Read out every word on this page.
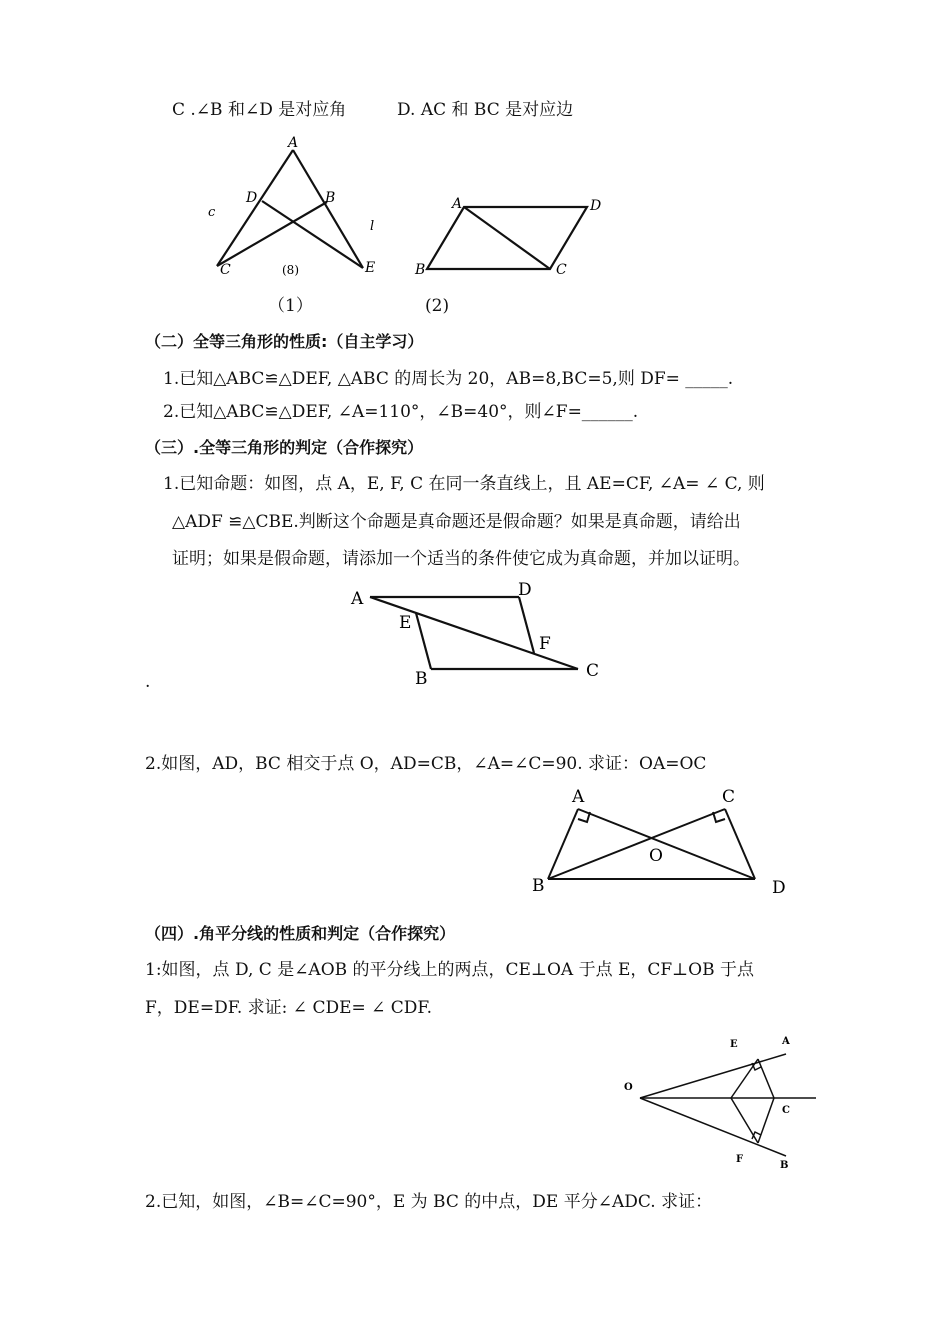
C .∠B 和∠D 是对应角	D. AC 和 BC 是对应边
A
D	B
C	E
(8)
c
l
A	D
B	C
（1）	(2)
（二）全等三角形的性质:（自主学习）
1.已知△ABC≌△DEF, △ABC 的周长为 20，AB=8,BC=5,则 DF= _____.
2.已知△ABC≌△DEF, ∠A=110°，∠B=40°，则∠F=______.
（三）.全等三角形的判定（合作探究）
1.已知命题：如图，点 A，E, F, C 在同一条直线上，且 AE=CF, ∠A= ∠ C, 则
△ADF ≌△CBE.判断这个命题是真命题还是假命题？如果是真命题，请给出
证明；如果是假命题，请添加一个适当的条件使它成为真命题，并加以证明。
A	D
E
F
B	C
.
2.如图，AD，BC 相交于点 O，AD=CB，∠A=∠C=90. 求证：OA=OC
A	C
O
B	D
（四）.角平分线的性质和判定（合作探究）
1:如图，点 D, C 是∠AOB 的平分线上的两点，CE⊥OA 于点 E，CF⊥OB 于点
F，DE=DF. 求证: ∠ CDE= ∠ CDF.
E	A
O
C
F
B
2.已知，如图，∠B=∠C=90°，E 为 BC 的中点，DE 平分∠ADC. 求证：
